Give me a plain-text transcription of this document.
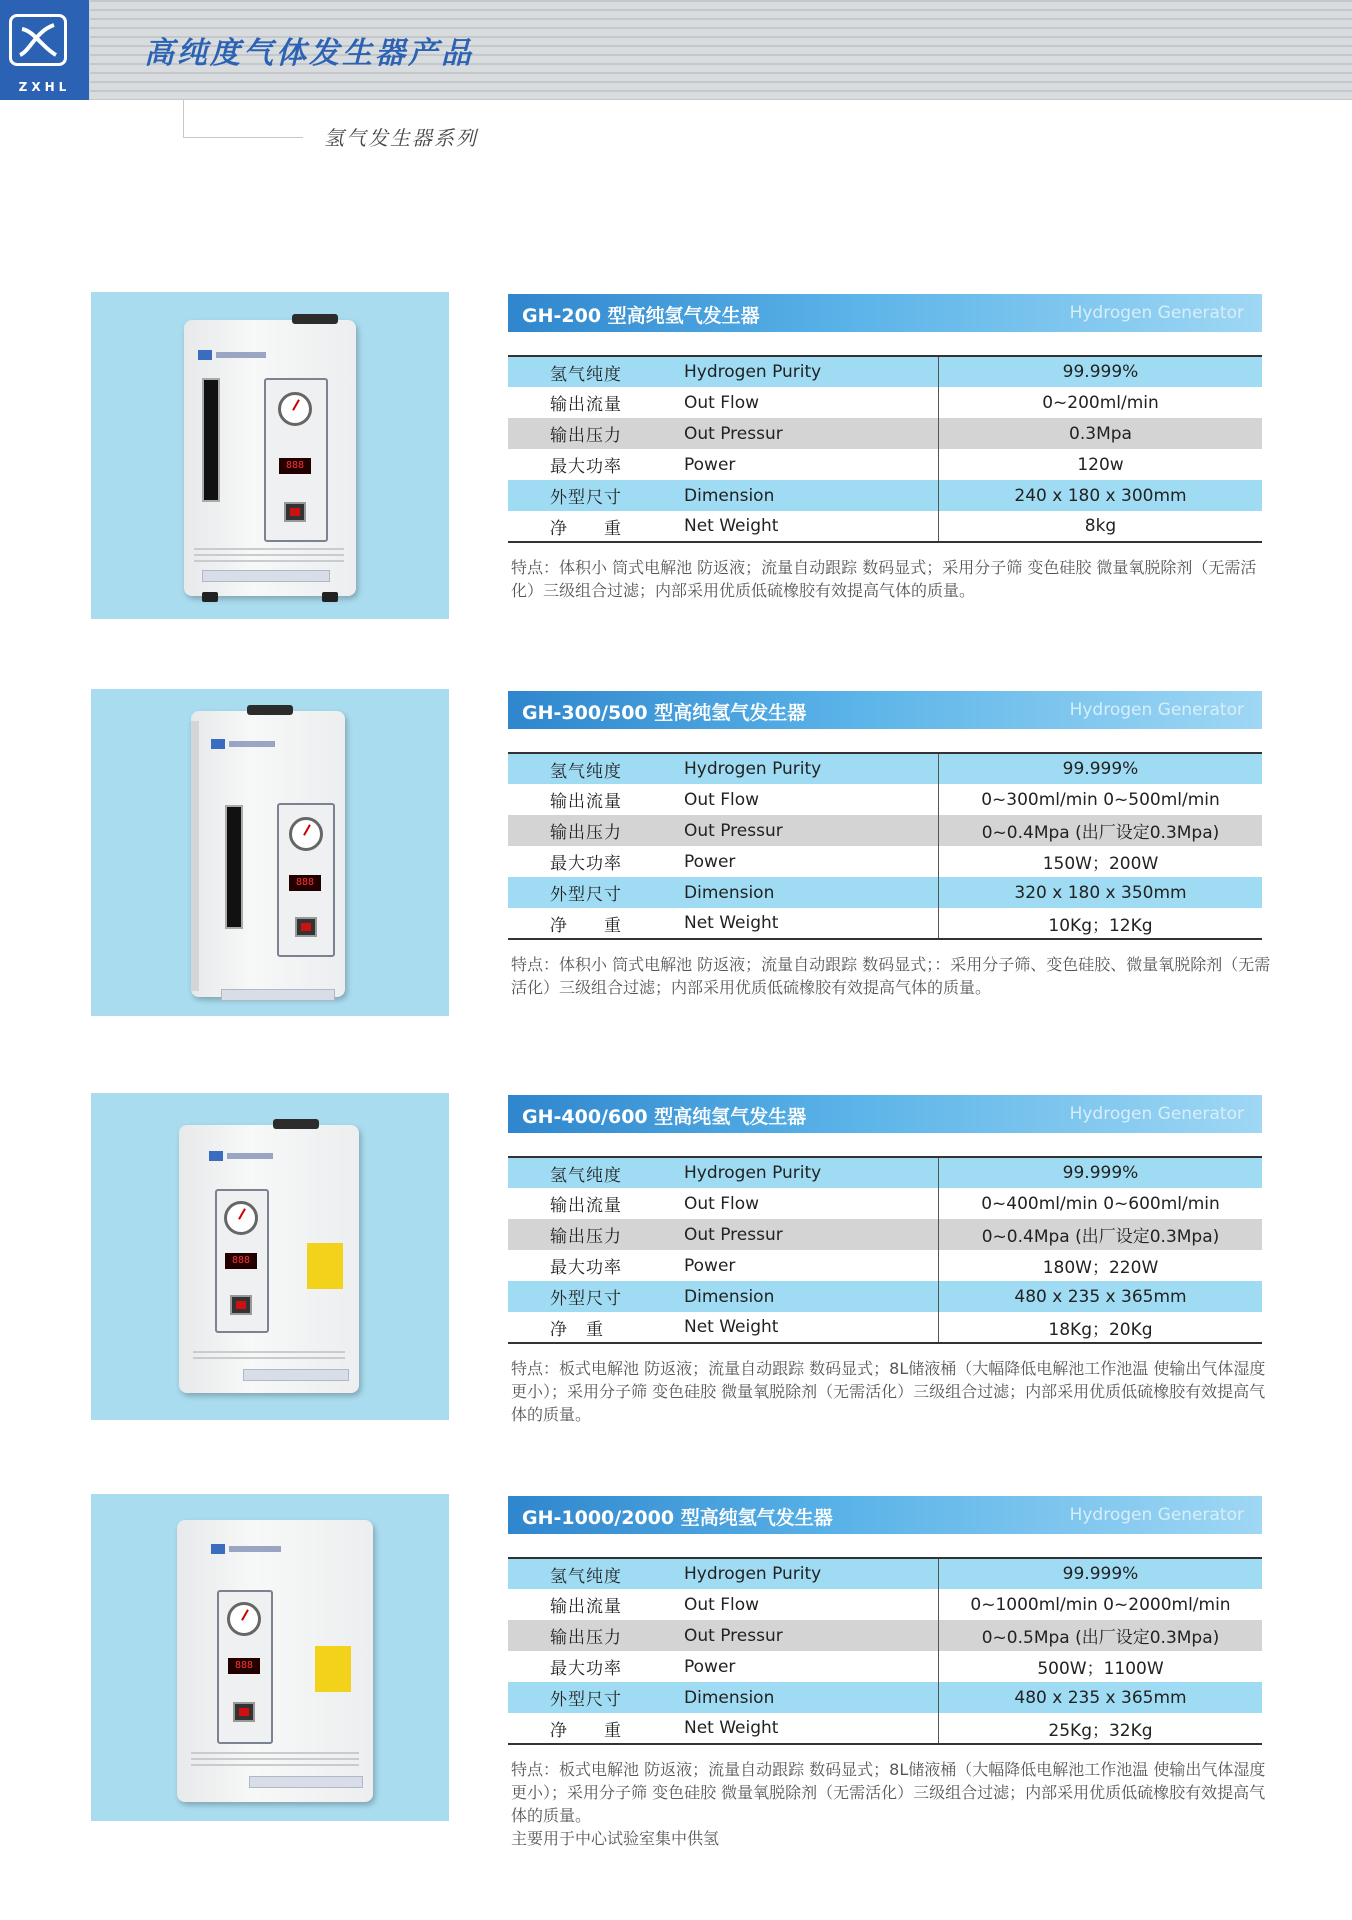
ZXHL
®
高纯度气体发生器产品
氢气发生器系列
888
GH-200 型高纯氢气发生器	Hydrogen Generator
氢气纯度	Hydrogen Purity	99.999%
输出流量	Out Flow	0~200ml/min
输出压力	Out Pressur	0.3Mpa
最大功率	Power	120w
外型尺寸	Dimension	240 x 180 x 300mm
净　　重	Net Weight	8kg
特点：体积小 筒式电解池 防返液；流量自动跟踪 数码显式；采用分子筛 变色硅胶 微量氧脱除剂（无需活化）三级组合过滤；内部采用优质低硫橡胶有效提高气体的质量。
888
GH-300/500 型高纯氢气发生器	Hydrogen Generator
氢气纯度	Hydrogen Purity	99.999%
输出流量	Out Flow	0~300ml/min 0~500ml/min
输出压力	Out Pressur	0~0.4Mpa (出厂设定0.3Mpa)
最大功率	Power	150W；200W
外型尺寸	Dimension	320 x 180 x 350mm
净　　重	Net Weight	10Kg；12Kg
特点：体积小 筒式电解池 防返液；流量自动跟踪 数码显式；：采用分子筛、变色硅胶、微量氧脱除剂（无需活化）三级组合过滤；内部采用优质低硫橡胶有效提高气体的质量。
888
GH-400/600 型高纯氢气发生器	Hydrogen Generator
氢气纯度	Hydrogen Purity	99.999%
输出流量	Out Flow	0~400ml/min 0~600ml/min
输出压力	Out Pressur	0~0.4Mpa (出厂设定0.3Mpa)
最大功率	Power	180W；220W
外型尺寸	Dimension	480 x 235 x 365mm
净　重	Net Weight	18Kg；20Kg
特点：板式电解池 防返液；流量自动跟踪 数码显式；8L储液桶（大幅降低电解池工作池温 使输出气体湿度更小）；采用分子筛 变色硅胶 微量氧脱除剂（无需活化）三级组合过滤；内部采用优质低硫橡胶有效提高气体的质量。
888
GH-1000/2000 型高纯氢气发生器	Hydrogen Generator
氢气纯度	Hydrogen Purity	99.999%
输出流量	Out Flow	0~1000ml/min 0~2000ml/min
输出压力	Out Pressur	0~0.5Mpa (出厂设定0.3Mpa)
最大功率	Power	500W；1100W
外型尺寸	Dimension	480 x 235 x 365mm
净　　重	Net Weight	25Kg；32Kg
特点：板式电解池 防返液；流量自动跟踪 数码显式；8L储液桶（大幅降低电解池工作池温 使输出气体湿度更小）；采用分子筛 变色硅胶 微量氧脱除剂（无需活化）三级组合过滤；内部采用优质低硫橡胶有效提高气体的质量。
主要用于中心试验室集中供氢
